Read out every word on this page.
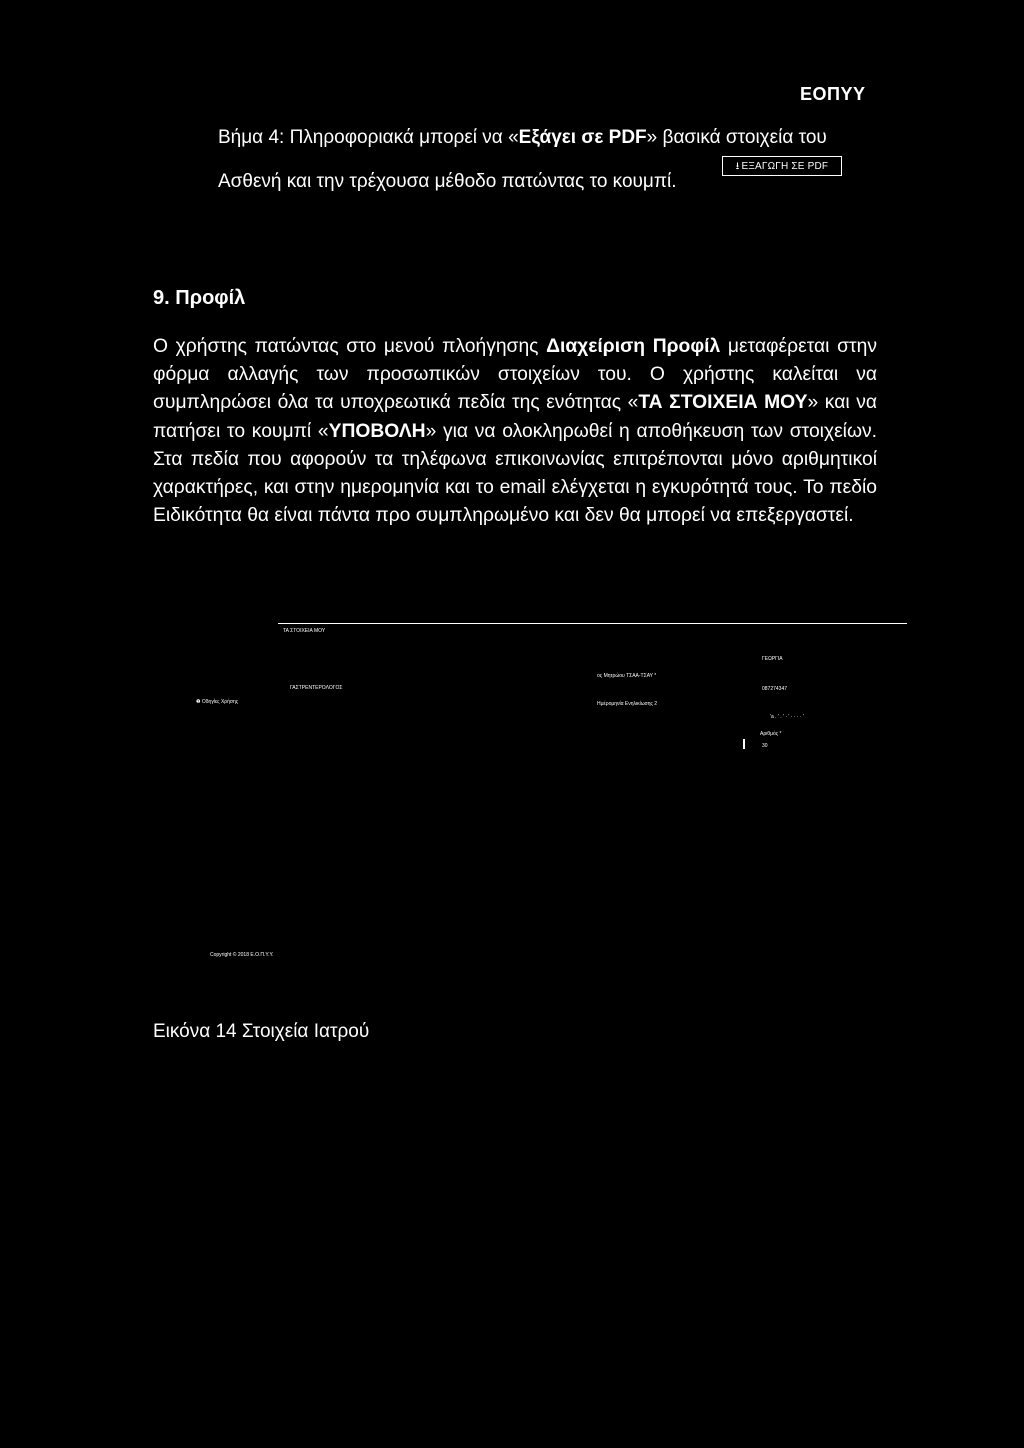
ΕΟΠΥΥ
Βήμα 4: Πληροφοριακά μπορεί να «Εξάγει σε PDF» βασικά στοιχεία του
Ασθενή και την τρέχουσα μέθοδο πατώντας το κουμπί.
⭳ ΕΞΑΓΩΓΗ ΣΕ PDF
9. Προφίλ
Ο χρήστης πατώντας στο μενού πλοήγησης Διαχείριση Προφίλ μεταφέρεται στην φόρμα αλλαγής των προσωπικών στοιχείων του. Ο χρήστης καλείται να συμπληρώσει όλα τα υποχρεωτικά πεδία της ενότητας «ΤΑ ΣΤΟΙΧΕΙΑ ΜΟΥ» και να πατήσει το κουμπί «ΥΠΟΒΟΛΗ» για να ολοκληρωθεί η αποθήκευση των στοιχείων. Στα πεδία που αφορούν τα τηλέφωνα επικοινωνίας επιτρέπονται μόνο αριθμητικοί χαρακτήρες, και στην ημερομηνία και το email ελέγχεται η εγκυρότητά τους. Το πεδίο Ειδικότητα θα είναι πάντα προ συμπληρωμένο και δεν θα μπορεί να επεξεργαστεί.
ΤΑ ΣΤΟΙΧΕΙΑ ΜΟΥ
❶ Οδηγίες Χρήσης
ΓΑΣΤΡΕΝΤΕΡΟΛΟΓΟΣ
ος Μητρώου ΤΣΑΑ-ΤΣΑΥ *
Ημέρομηνία Ενηλικίωσης 2
ΓΕΩΡΓΙΑ
087274347
'a . ' . ' · ' · · · · '
Αριθμός *
30
Copyright © 2018 Ε.Ο.Π.Υ.Υ.
Εικόνα 14 Στοιχεία Ιατρού
